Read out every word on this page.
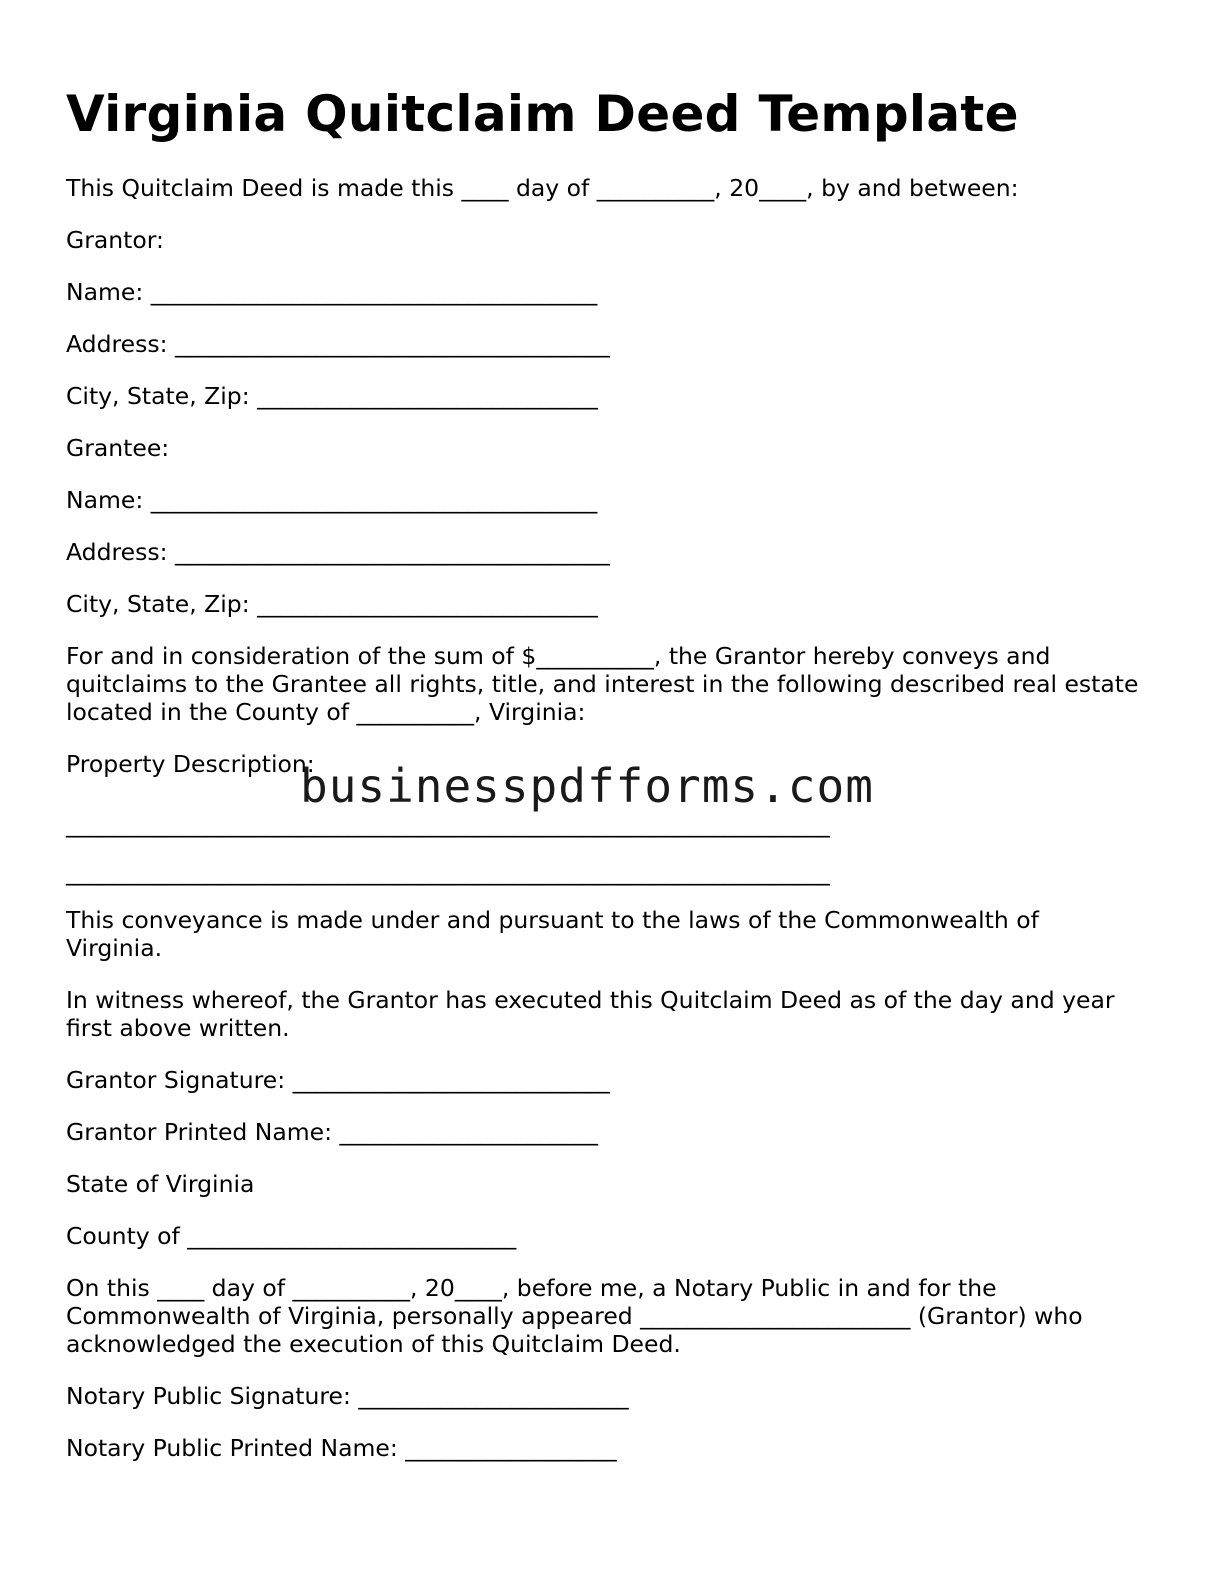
Virginia Quitclaim Deed Template

This Quitclaim Deed is made this ____ day of __________, 20____, by and between:

Grantor:

Name: ______________________________________

Address: _____________________________________

City, State, Zip: _____________________________

Grantee:

Name: ______________________________________

Address: _____________________________________

City, State, Zip: _____________________________

For and in consideration of the sum of $__________, the Grantor hereby conveys and
quitclaims to the Grantee all rights, title, and interest in the following described real estate
located in the County of __________, Virginia:

Property Description:

_________________________________________________________________

_________________________________________________________________

This conveyance is made under and pursuant to the laws of the Commonwealth of
Virginia.

In witness whereof, the Grantor has executed this Quitclaim Deed as of the day and year
first above written.

Grantor Signature: ___________________________

Grantor Printed Name: ______________________

State of Virginia

County of ____________________________

On this ____ day of __________, 20____, before me, a Notary Public in and for the
Commonwealth of Virginia, personally appeared _______________________ (Grantor) who
acknowledged the execution of this Quitclaim Deed.

Notary Public Signature: _______________________

Notary Public Printed Name: __________________

businesspdfforms.com
